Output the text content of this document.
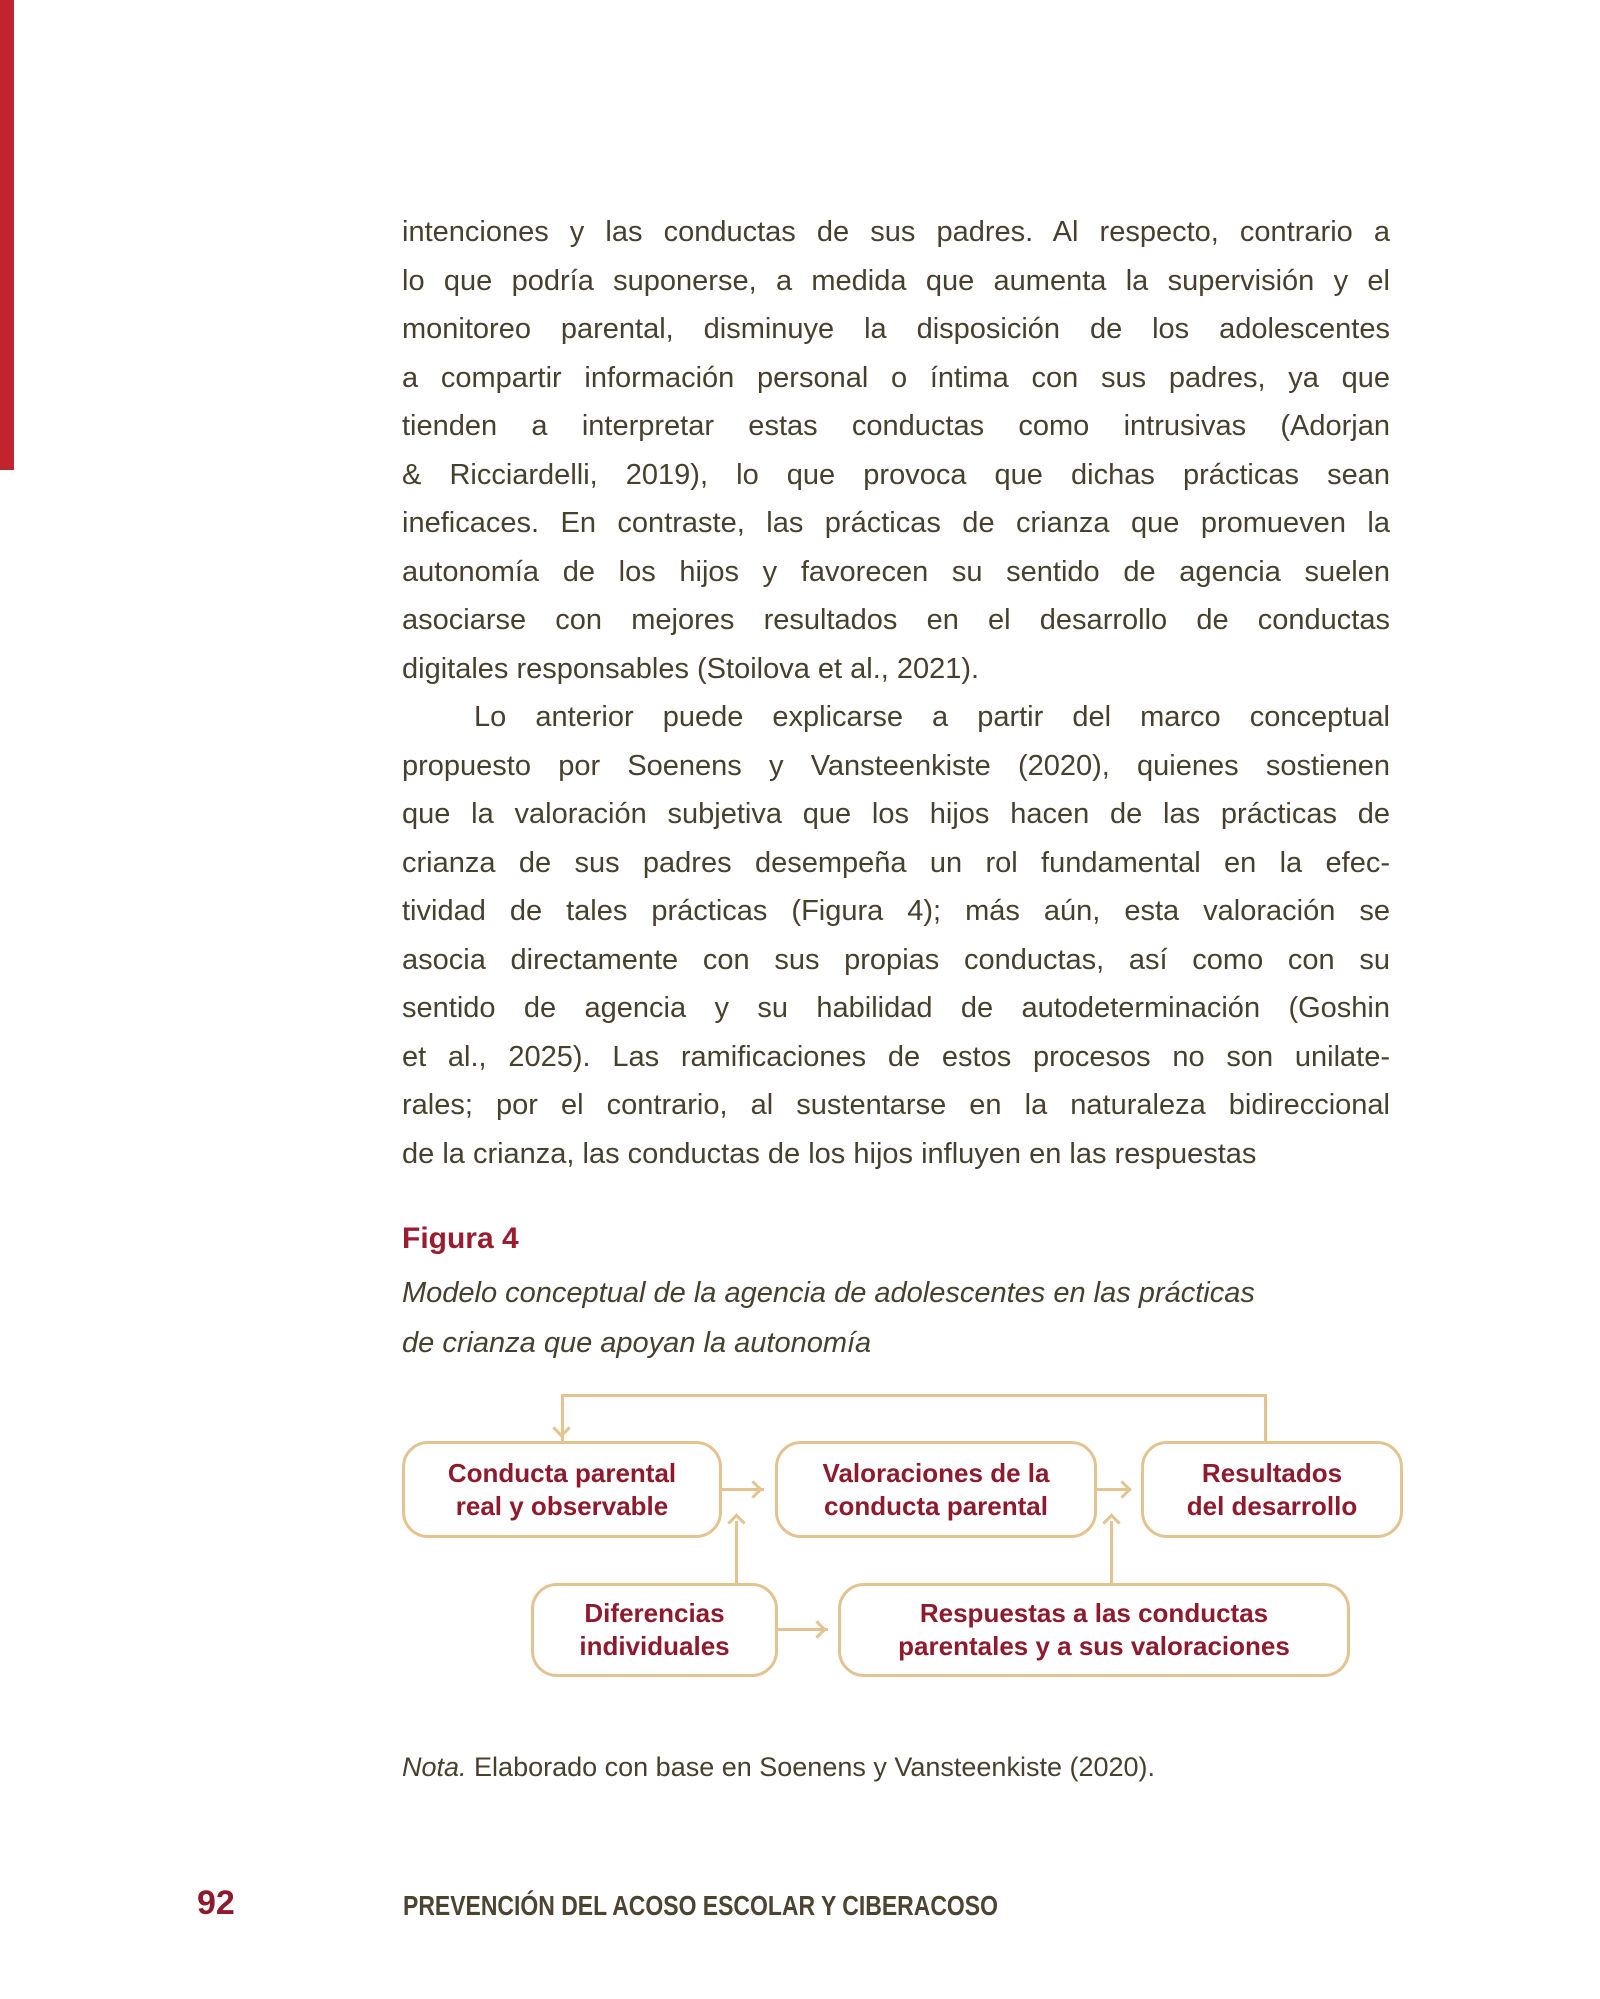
intenciones y las conductas de sus padres. Al respecto, contrario a
lo que podría suponerse, a medida que aumenta la supervisión y el
monitoreo parental, disminuye la disposición de los adolescentes
a compartir información personal o íntima con sus padres, ya que
tienden a interpretar estas conductas como intrusivas (Adorjan
& Ricciardelli, 2019), lo que provoca que dichas prácticas sean
ineficaces. En contraste, las prácticas de crianza que promueven la
autonomía de los hijos y favorecen su sentido de agencia suelen
asociarse con mejores resultados en el desarrollo de conductas
digitales responsables (Stoilova et al., 2021).
Lo anterior puede explicarse a partir del marco conceptual
propuesto por Soenens y Vansteenkiste (2020), quienes sostienen
que la valoración subjetiva que los hijos hacen de las prácticas de
crianza de sus padres desempeña un rol fundamental en la efec-
tividad de tales prácticas (Figura 4); más aún, esta valoración se
asocia directamente con sus propias conductas, así como con su
sentido de agencia y su habilidad de autodeterminación (Goshin
et al., 2025). Las ramificaciones de estos procesos no son unilate-
rales; por el contrario, al sustentarse en la naturaleza bidireccional
de la crianza, las conductas de los hijos influyen en las respuestas
Figura 4
Modelo conceptual de la agencia de adolescentes en las prácticas
de crianza que apoyan la autonomía
Conducta parental
real y observable
Valoraciones de la
conducta parental
Resultados
del desarrollo
Diferencias
individuales
Respuestas a las conductas
parentales y a sus valoraciones
Nota. Elaborado con base en Soenens y Vansteenkiste (2020).
92	PREVENCIÓN DEL ACOSO ESCOLAR Y CIBERACOSO
